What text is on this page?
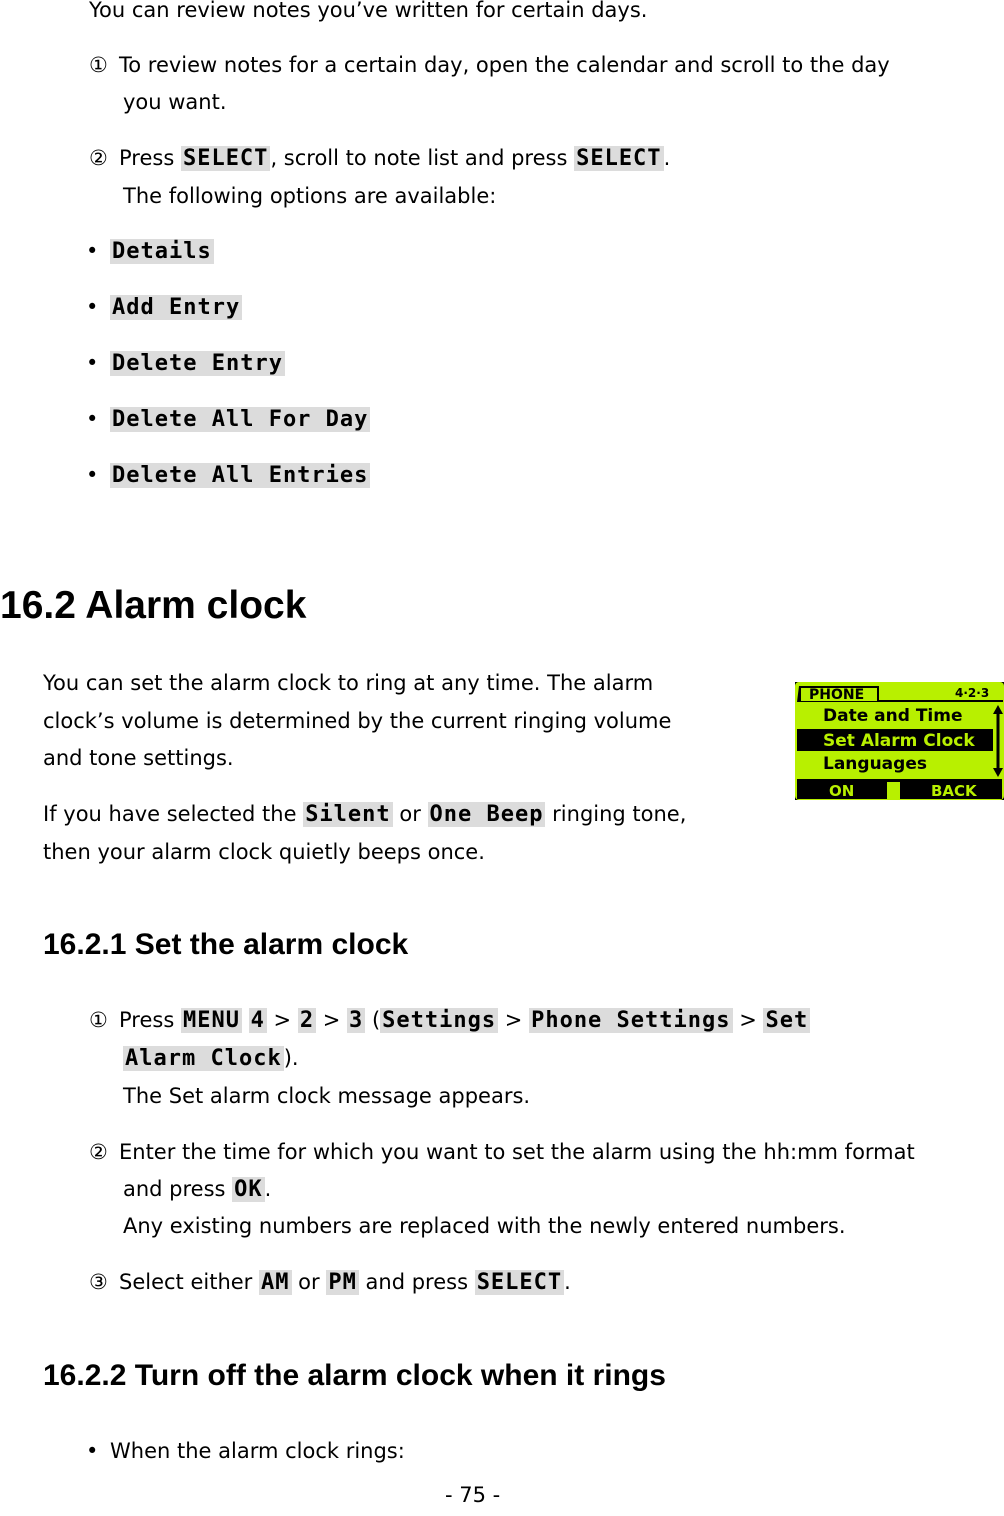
You can review notes you’ve written for certain days.
① To review notes for a certain day, open the calendar and scroll to the day
you want.
② Press SELECT, scroll to note list and press SELECT.
The following options are available:
• Details
• Add Entry
• Delete Entry
• Delete All For Day
• Delete All Entries
16.2 Alarm clock
You can set the alarm clock to ring at any time. The alarm
clock’s volume is determined by the current ringing volume
and tone settings.
If you have selected the Silent or One Beep ringing tone,
then your alarm clock quietly beeps once.
PHONE	4·2·3
Date and Time
Set Alarm Clock
Languages
ON	BACK
16.2.1 Set the alarm clock
① Press MENU 4 > 2 > 3 (Settings > Phone Settings > Set
Alarm Clock).
The Set alarm clock message appears.
② Enter the time for which you want to set the alarm using the hh:mm format
and press OK.
Any existing numbers are replaced with the newly entered numbers.
③ Select either AM or PM and press SELECT.
16.2.2 Turn off the alarm clock when it rings
• When the alarm clock rings:
- 75 -
